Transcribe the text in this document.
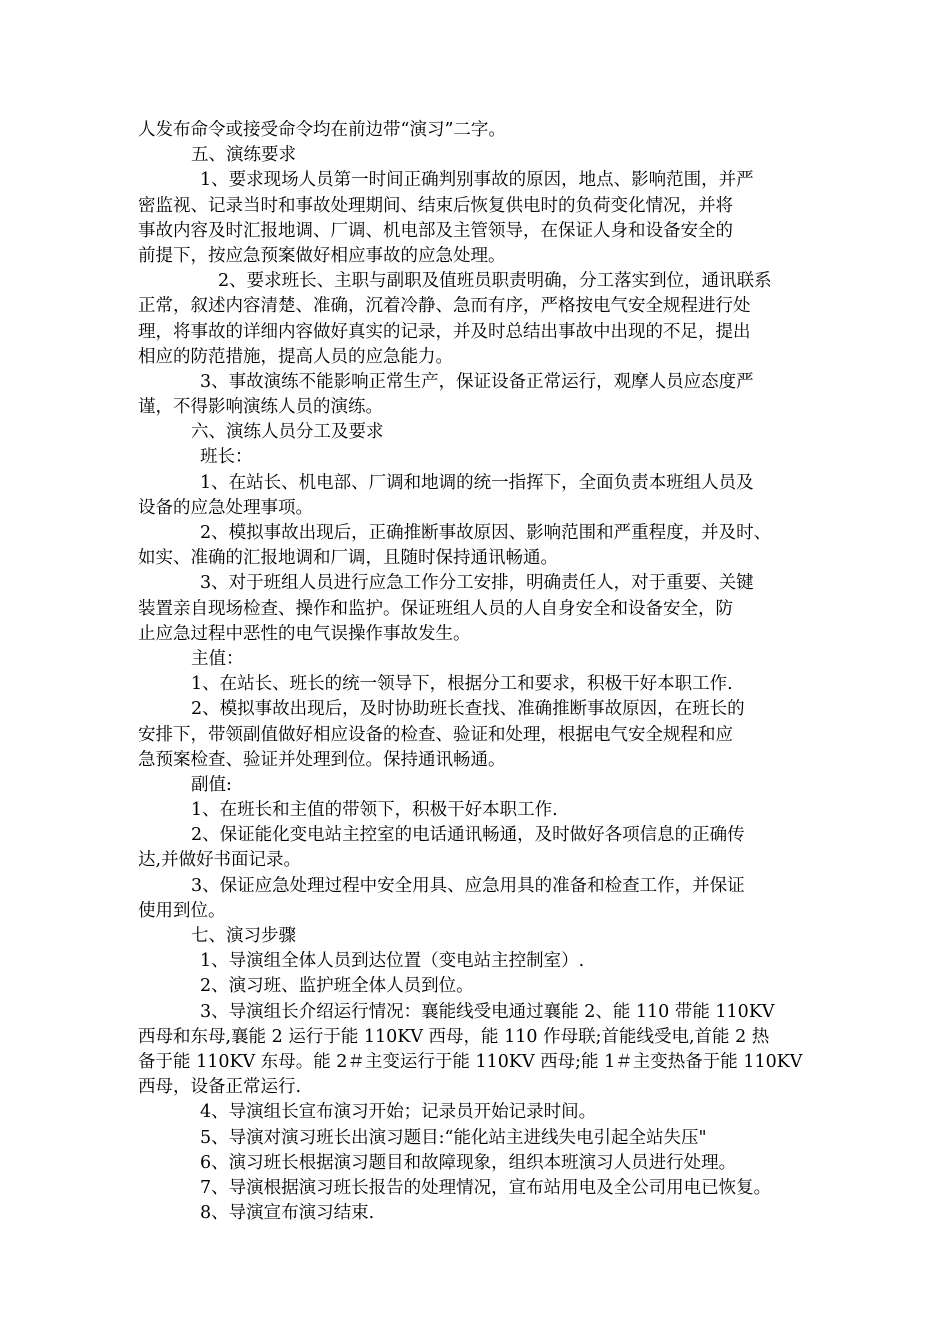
人发布命令或接受命令均在前边带“演习”二字。
五、演练要求
1、要求现场人员第一时间正确判别事故的原因，地点、影响范围，并严
密监视、记录当时和事故处理期间、结束后恢复供电时的负荷变化情况，并将
事故内容及时汇报地调、厂调、机电部及主管领导，在保证人身和设备安全的
前提下，按应急预案做好相应事故的应急处理。
2、要求班长、主职与副职及值班员职责明确，分工落实到位，通讯联系
正常，叙述内容清楚、准确，沉着冷静、急而有序，严格按电气安全规程进行处
理，将事故的详细内容做好真实的记录，并及时总结出事故中出现的不足，提出
相应的防范措施，提高人员的应急能力。
3、事故演练不能影响正常生产，保证设备正常运行，观摩人员应态度严
谨，不得影响演练人员的演练。
六、演练人员分工及要求
班长：
1、在站长、机电部、厂调和地调的统一指挥下，全面负责本班组人员及
设备的应急处理事项。
2、模拟事故出现后，正确推断事故原因、影响范围和严重程度，并及时、
如实、准确的汇报地调和厂调，且随时保持通讯畅通。
3、对于班组人员进行应急工作分工安排，明确责任人，对于重要、关键
装置亲自现场检查、操作和监护。保证班组人员的人自身安全和设备安全，防
止应急过程中恶性的电气误操作事故发生。
主值：
1、在站长、班长的统一领导下，根据分工和要求，积极干好本职工作.
2、模拟事故出现后，及时协助班长查找、准确推断事故原因，在班长的
安排下，带领副值做好相应设备的检查、验证和处理，根据电气安全规程和应
急预案检查、验证并处理到位。保持通讯畅通。
副值:
1、在班长和主值的带领下，积极干好本职工作.
2、保证能化变电站主控室的电话通讯畅通，及时做好各项信息的正确传
达,并做好书面记录。
3、保证应急处理过程中安全用具、应急用具的准备和检查工作，并保证
使用到位。
七、演习步骤
1、导演组全体人员到达位置（变电站主控制室）.
2、演习班、监护班全体人员到位。
3、导演组长介绍运行情况：襄能线受电通过襄能 2、能 110 带能 110KV
西母和东母,襄能 2 运行于能 110KV 西母，能 110 作母联;首能线受电,首能 2 热
备于能 110KV 东母。能 2＃主变运行于能 110KV 西母;能 1＃主变热备于能 110KV
西母，设备正常运行.
4、导演组长宣布演习开始；记录员开始记录时间。
5、导演对演习班长出演习题目:“能化站主进线失电引起全站失压"
6、演习班长根据演习题目和故障现象，组织本班演习人员进行处理。
7、导演根据演习班长报告的处理情况，宣布站用电及全公司用电已恢复。
8、导演宣布演习结束.
